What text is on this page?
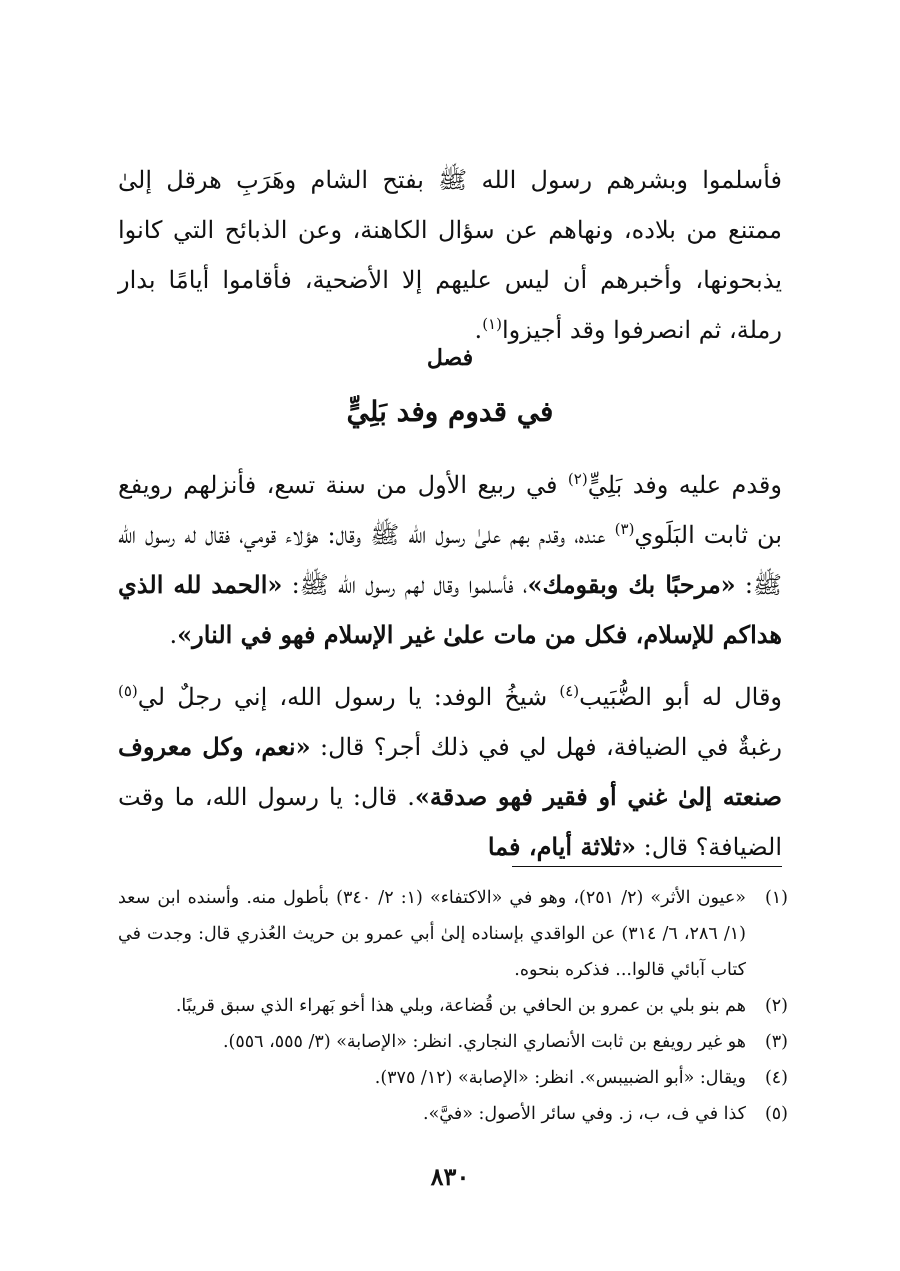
فأسلموا وبشرهم رسول الله ﷺ بفتح الشام وهَرَبِ هرقل إلىٰ ممتنع من بلاده، ونهاهم عن سؤال الكاهنة، وعن الذبائح التي كانوا يذبحونها، وأخبرهم أن ليس عليهم إلا الأضحية، فأقاموا أيامًا بدار رملة، ثم انصرفوا وقد أجيزوا$^{(١)}$.

فصل
في قدوم وفد بَلِيٍّ

وقدم عليه وفد بَلِيٍّ$^{(٢)}$ في ربيع الأول من سنة تسع، فأنزلهم رويفع بن ثابت البَلَوي$^{(٣)}$ عنده، وقدم بهم علىٰ رسول الله ﷺ وقال: هؤلاء قومي، فقال له رسول الله ﷺ: «مرحبًا بك وبقومك»، فأسلموا وقال لهم رسول الله ﷺ: «الحمد لله الذي هداكم للإسلام، فكل من مات علىٰ غير الإسلام فهو في النار».

وقال له أبو الضُّبَيب$^{(٤)}$ شيخُ الوفد: يا رسول الله، إني رجلٌ لي$^{(٥)}$ رغبةٌ في الضيافة، فهل لي في ذلك أجر؟ قال: «نعم، وكل معروف صنعته إلىٰ غني أو فقير فهو صدقة». قال: يا رسول الله، ما وقت الضيافة؟ قال: «ثلاثة أيام، فما

(١)
«عيون الأثر» (٢/ ٢٥١)، وهو في «الاكتفاء» (١: ٢/ ٣٤٠) بأطول منه. وأسنده ابن سعد (١/ ٢٨٦، ٦/ ٣١٤) عن الواقدي بإسناده إلىٰ أبي عمرو بن حريث العُذري قال: وجدت في كتاب آبائي قالوا... فذكره بنحوه.
(٢)
هم بنو بلي بن عمرو بن الحافي بن قُضاعة، وبلي هذا أخو بَهراء الذي سبق قريبًا.
(٣)
هو غير رويفع بن ثابت الأنصاري النجاري. انظر: «الإصابة» (٣/ ٥٥٥، ٥٥٦).
(٤)
ويقال: «أبو الضبيبس». انظر: «الإصابة» (١٢/ ٣٧٥).
(٥)
كذا في ف، ب، ز. وفي سائر الأصول: «فيَّ».
٨٣٠
